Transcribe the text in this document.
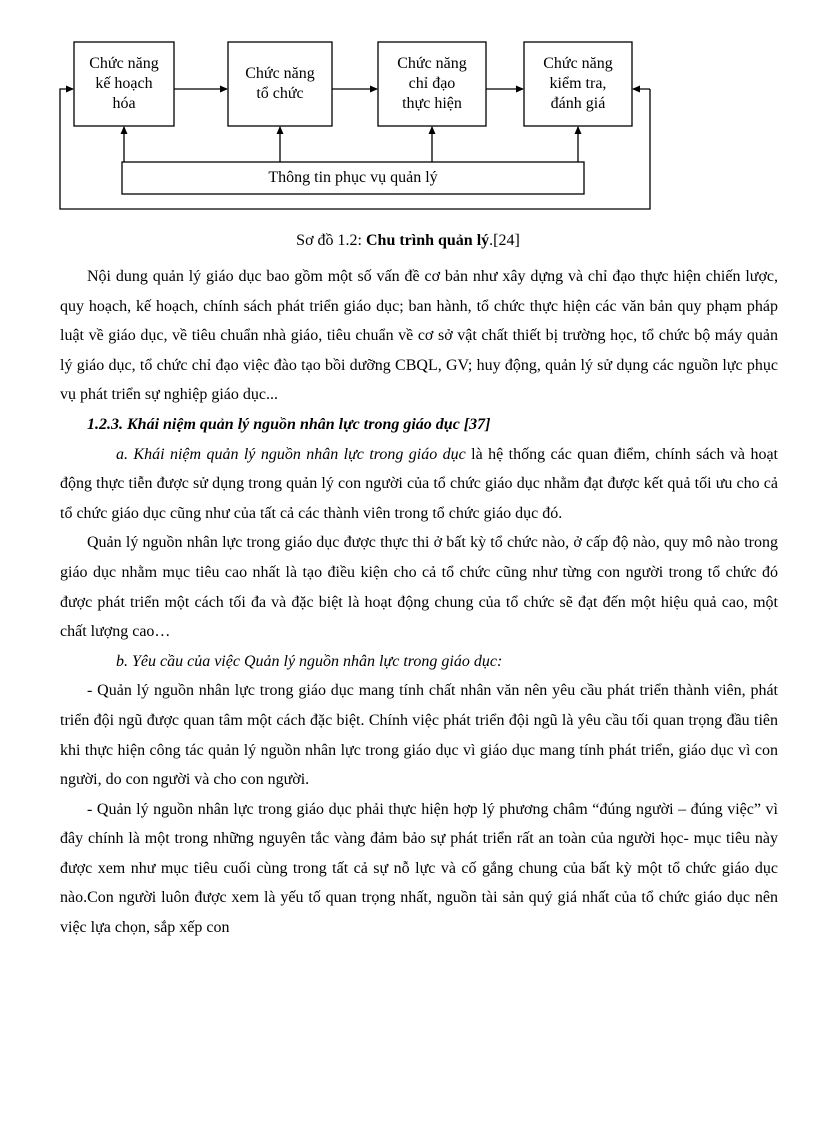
Chức năng
kế hoạch
hóa
Chức năng
tổ chức
Chức năng
chỉ đạo
thực hiện
Chức năng
kiểm tra,
đánh giá
Thông tin phục vụ quản lý
Sơ đồ 1.2: Chu trình quản lý.[24]

Nội dung quản lý giáo dục bao gồm một số vấn đề cơ bản như xây dựng và chỉ đạo thực hiện chiến lược, quy hoạch, kế hoạch, chính sách phát triển giáo dục; ban hành, tổ chức thực hiện các văn bản quy phạm pháp luật về giáo dục, về tiêu chuẩn nhà giáo, tiêu chuẩn về cơ sở vật chất thiết bị trường học, tổ chức bộ máy quản lý giáo dục, tổ chức chỉ đạo việc đào tạo bồi dưỡng CBQL, GV; huy động, quản lý sử dụng các nguồn lực phục vụ phát triển sự nghiệp giáo dục...

1.2.3. Khái niệm quản lý nguồn nhân lực trong giáo dục [37]

a. Khái niệm quản lý nguồn nhân lực trong giáo dục là hệ thống các quan điểm, chính sách và hoạt động thực tiễn được sử dụng trong quản lý con người của tổ chức giáo dục nhằm đạt được kết quả tối ưu cho cả tổ chức giáo dục cũng như của tất cả các thành viên trong tổ chức giáo dục đó.

Quản lý nguồn nhân lực trong giáo dục được thực thi ở bất kỳ tổ chức nào, ở cấp độ nào, quy mô nào trong giáo dục nhằm mục tiêu cao nhất là tạo điều kiện cho cả tổ chức cũng như từng con người trong tổ chức đó được phát triển một cách tối đa và đặc biệt là hoạt động chung của tổ chức sẽ đạt đến một hiệu quả cao, một chất lượng cao…

b. Yêu cầu của việc Quản lý nguồn nhân lực trong giáo dục:

- Quản lý nguồn nhân lực trong giáo dục mang tính chất nhân văn nên yêu cầu phát triển thành viên, phát triển đội ngũ được quan tâm một cách đặc biệt. Chính việc phát triển đội ngũ là yêu cầu tối quan trọng đầu tiên khi thực hiện công tác quản lý nguồn nhân lực trong giáo dục vì giáo dục mang tính phát triển, giáo dục vì con người, do con người và cho con người.

- Quản lý nguồn nhân lực trong giáo dục phải thực hiện hợp lý phương châm “đúng người – đúng việc” vì đây chính là một trong những nguyên tắc vàng đảm bảo sự phát triển rất an toàn của người học- mục tiêu này được xem như mục tiêu cuối cùng trong tất cả sự nỗ lực và cố gắng chung của bất kỳ một tổ chức giáo dục nào.Con người luôn được xem là yếu tố quan trọng nhất, nguồn tài sản quý giá nhất của tổ chức giáo dục nên việc lựa chọn, sắp xếp con
